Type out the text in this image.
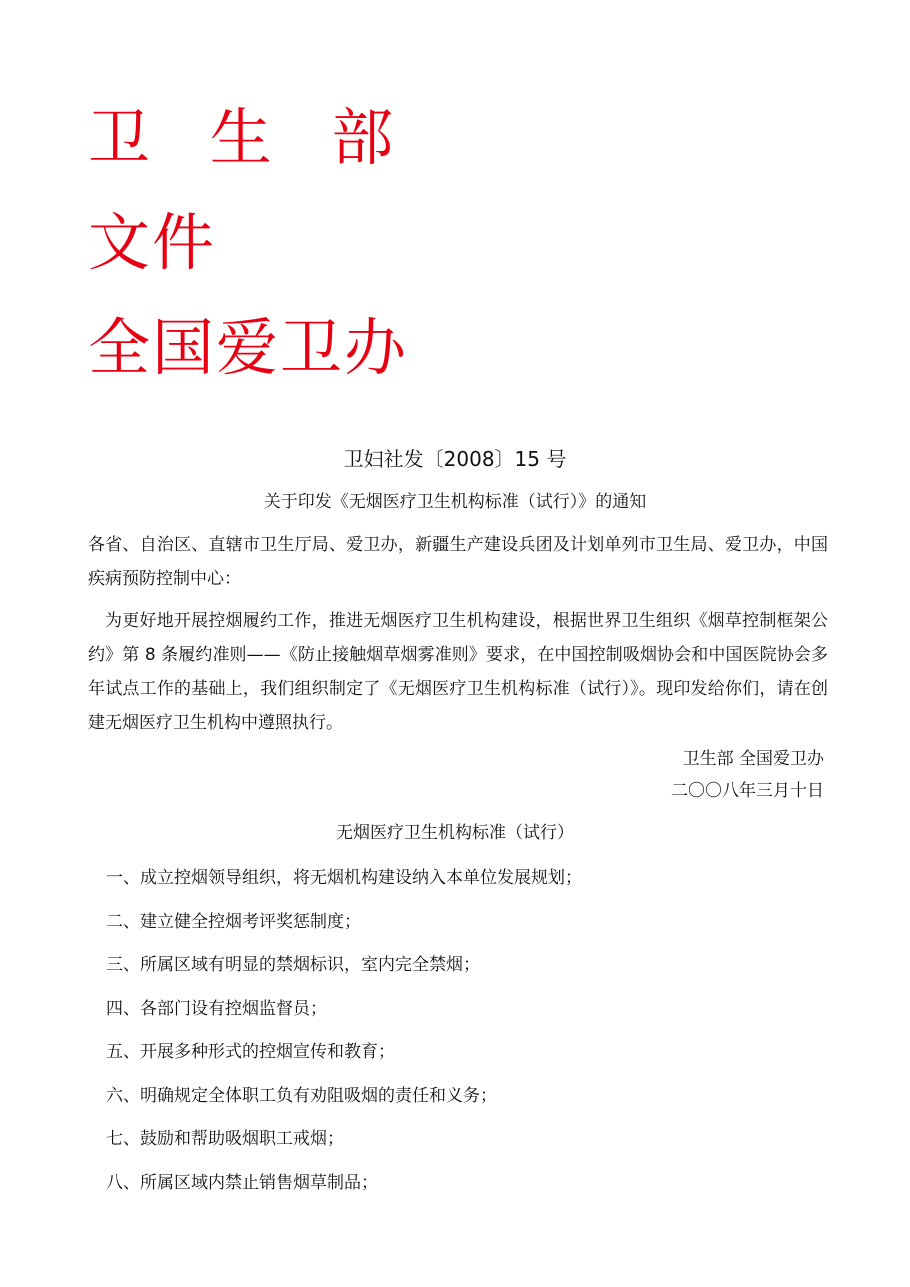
卫 生 部
文件
全国爱卫办
卫妇社发〔2008〕15 号
关于印发《无烟医疗卫生机构标准（试行）》的通知
各省、自治区、直辖市卫生厅局、爱卫办，新疆生产建设兵团及计划单列市卫生局、爱卫办，中国疾病预防控制中心：
为更好地开展控烟履约工作，推进无烟医疗卫生机构建设，根据世界卫生组织《烟草控制框架公约》第 8 条履约准则——《防止接触烟草烟雾准则》要求，在中国控制吸烟协会和中国医院协会多年试点工作的基础上，我们组织制定了《无烟医疗卫生机构标准（试行）》。现印发给你们，请在创建无烟医疗卫生机构中遵照执行。
卫生部 全国爱卫办
二〇〇八年三月十日
无烟医疗卫生机构标准（试行）
一、成立控烟领导组织，将无烟机构建设纳入本单位发展规划；
二、建立健全控烟考评奖惩制度；
三、所属区域有明显的禁烟标识，室内完全禁烟；
四、各部门设有控烟监督员；
五、开展多种形式的控烟宣传和教育；
六、明确规定全体职工负有劝阻吸烟的责任和义务；
七、鼓励和帮助吸烟职工戒烟；
八、所属区域内禁止销售烟草制品；
